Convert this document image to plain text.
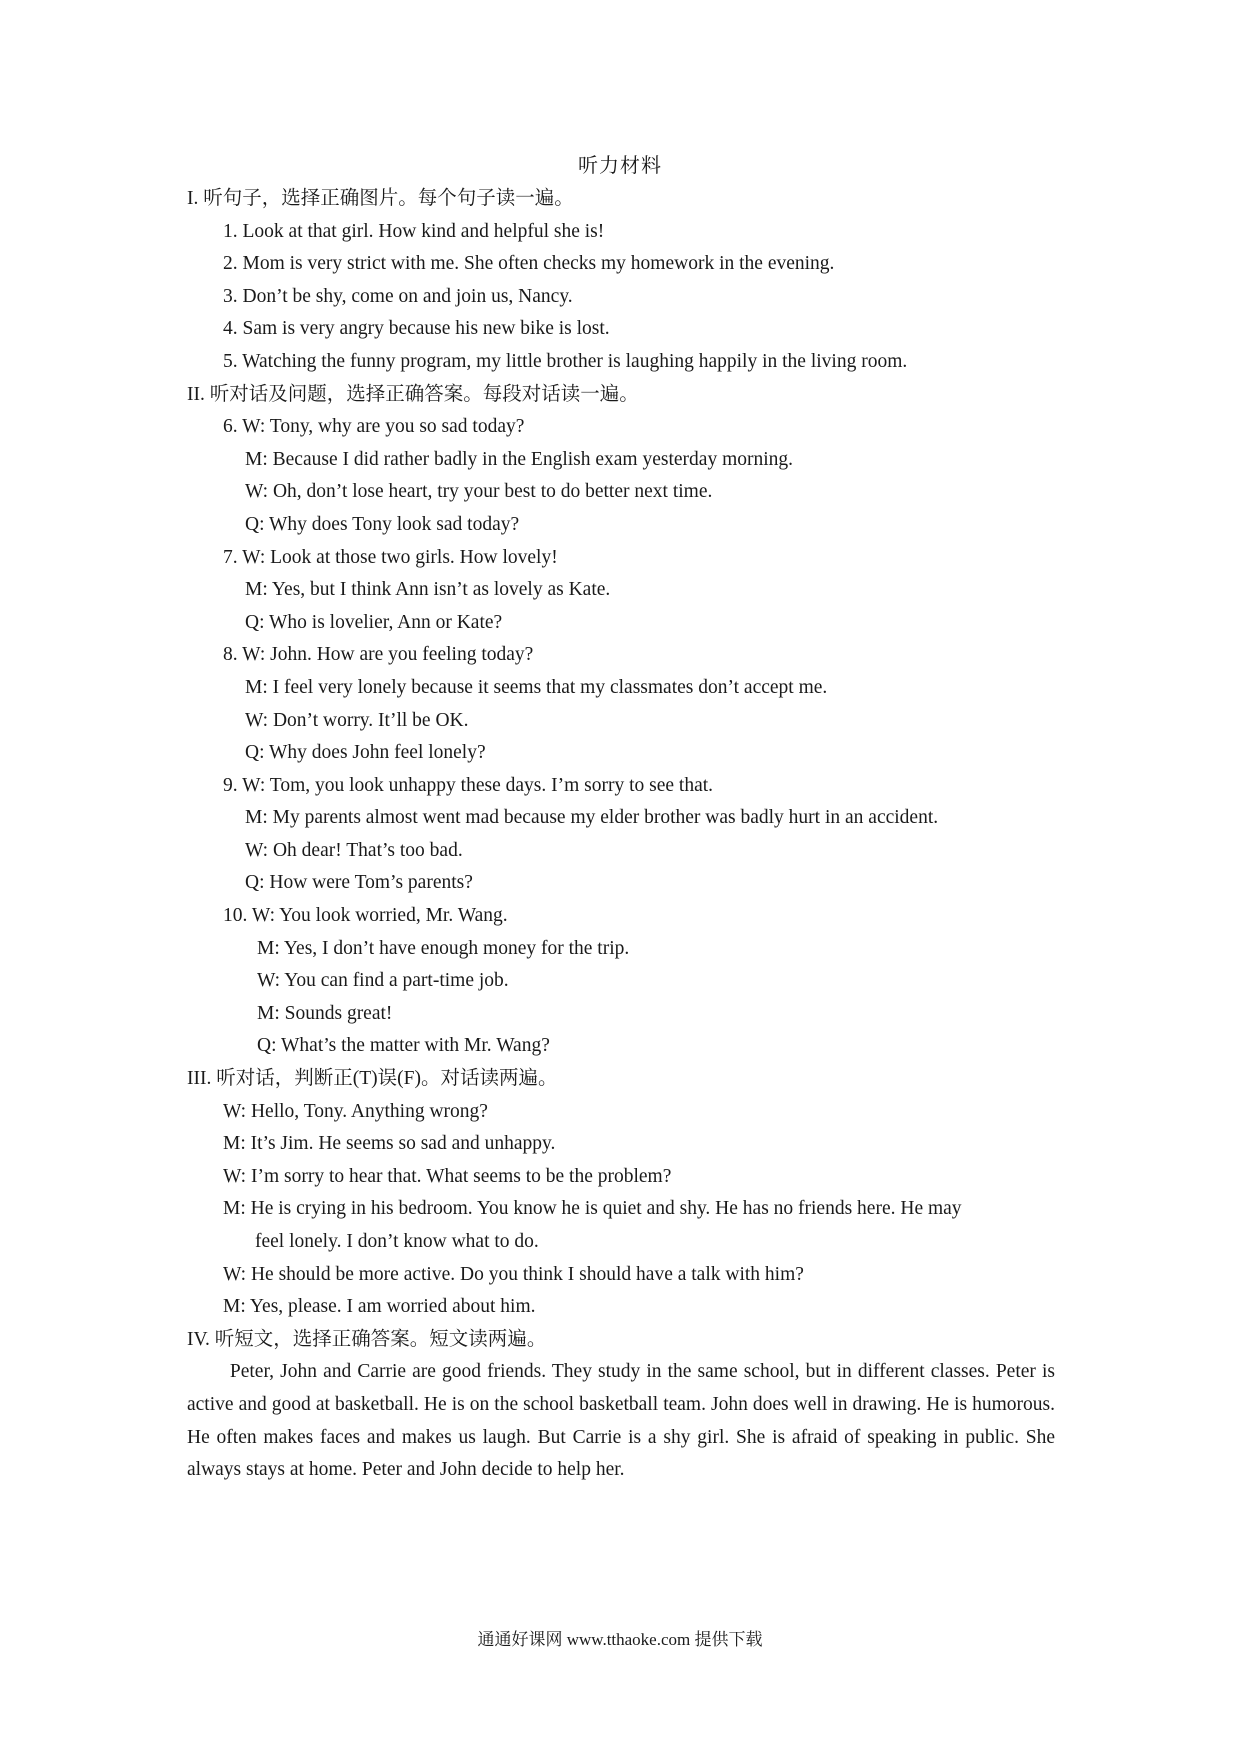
听力材料
I. 听句子，选择正确图片。每个句子读一遍。
1. Look at that girl. How kind and helpful she is!
2. Mom is very strict with me. She often checks my homework in the evening.
3. Don’t be shy, come on and join us, Nancy.
4. Sam is very angry because his new bike is lost.
5. Watching the funny program, my little brother is laughing happily in the living room.
II. 听对话及问题，选择正确答案。每段对话读一遍。
6. W: Tony, why are you so sad today?
M: Because I did rather badly in the English exam yesterday morning.
W: Oh, don’t lose heart, try your best to do better next time.
Q: Why does Tony look sad today?
7. W: Look at those two girls. How lovely!
M: Yes, but I think Ann isn’t as lovely as Kate.
Q: Who is lovelier, Ann or Kate?
8. W: John. How are you feeling today?
M: I feel very lonely because it seems that my classmates don’t accept me.
W: Don’t worry. It’ll be OK.
Q: Why does John feel lonely?
9. W: Tom, you look unhappy these days. I’m sorry to see that.
M: My parents almost went mad because my elder brother was badly hurt in an accident.
W: Oh dear! That’s too bad.
Q: How were Tom’s parents?
10. W: You look worried, Mr. Wang.
M: Yes, I don’t have enough money for the trip.
W: You can find a part-time job.
M: Sounds great!
Q: What’s the matter with Mr. Wang?
III. 听对话，判断正(T)误(F)。对话读两遍。
W: Hello, Tony. Anything wrong?
M: It’s Jim. He seems so sad and unhappy.
W: I’m sorry to hear that. What seems to be the problem?
M: He is crying in his bedroom. You know he is quiet and shy. He has no friends here. He may
feel lonely. I don’t know what to do.
W: He should be more active. Do you think I should have a talk with him?
M: Yes, please. I am worried about him.
IV. 听短文，选择正确答案。短文读两遍。

Peter, John and Carrie are good friends. They study in the same school, but in different classes. Peter is active and good at basketball. He is on the school basketball team. John does well in drawing. He is humorous. He often makes faces and makes us laugh. But Carrie is a shy girl. She is afraid of speaking in public. She always stays at home. Peter and John decide to help her.

通通好课网 www.tthaoke.com 提供下载
